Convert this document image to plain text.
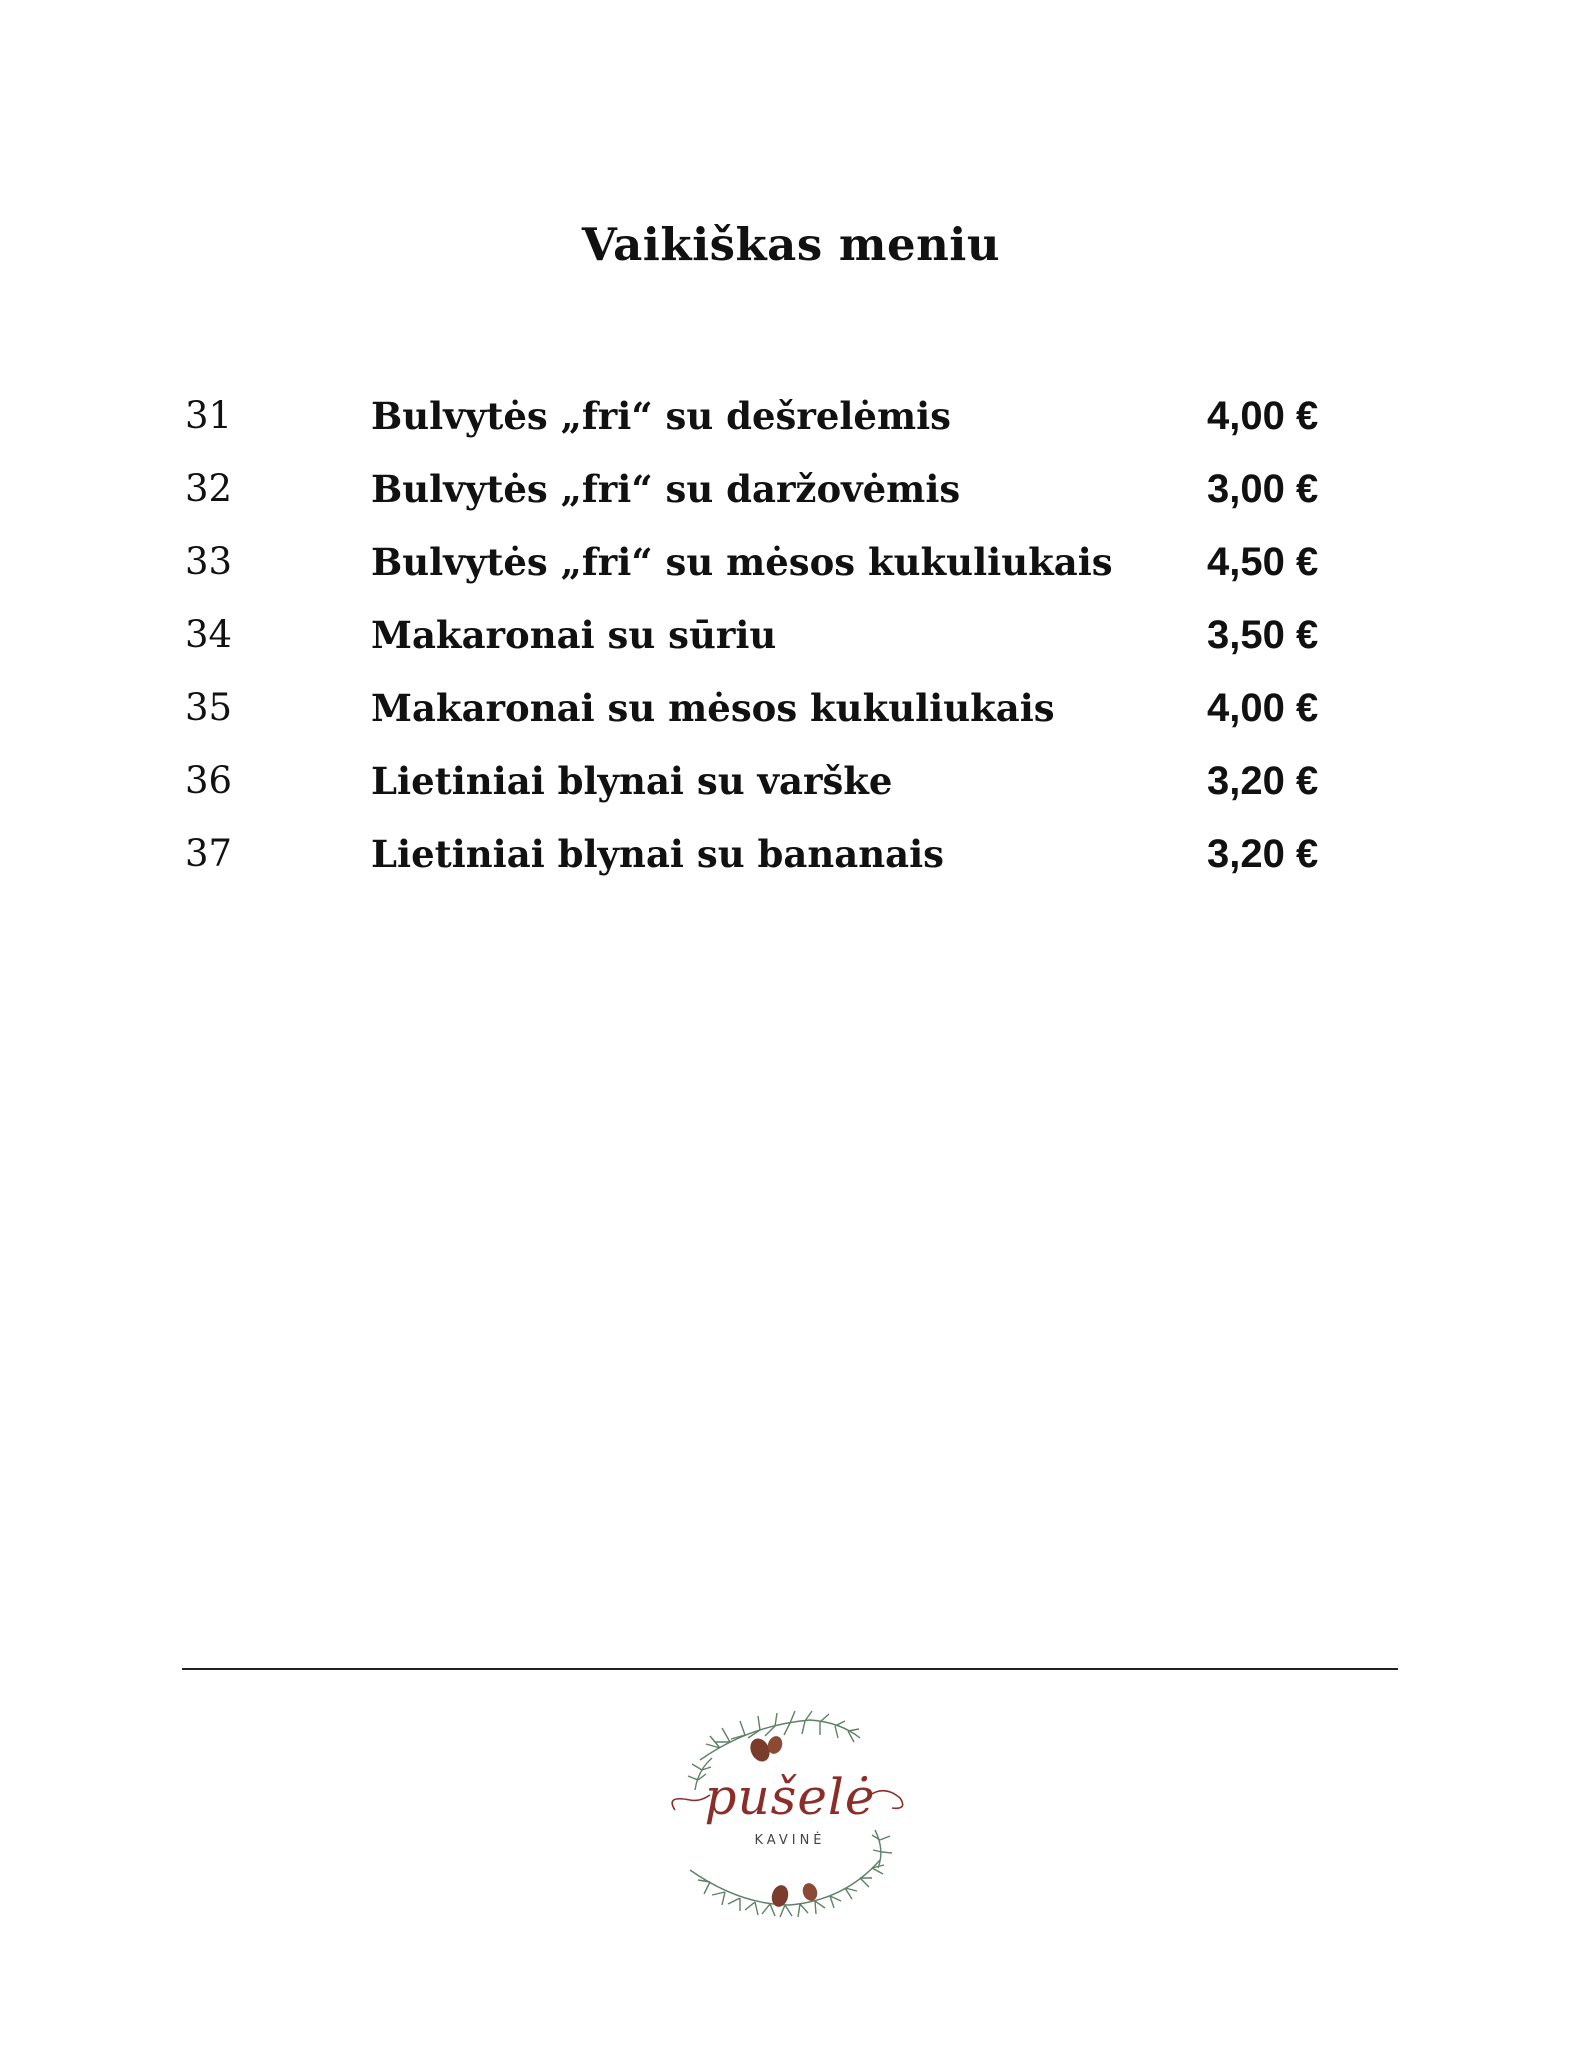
Vaikiškas meniu
31	Bulvytės „fri“ su dešrelėmis	4,00 €
32	Bulvytės „fri“ su daržovėmis	3,00 €
33	Bulvytės „fri“ su mėsos kukuliukais 4,50 €
34	Makaronai su sūriu	3,50 €
35	Makaronai su mėsos kukuliukais	4,00 €
36	Lietiniai blynai su varške	3,20 €
37	Lietiniai blynai su bananais	3,20 €
pušelė
KAVINĖ
